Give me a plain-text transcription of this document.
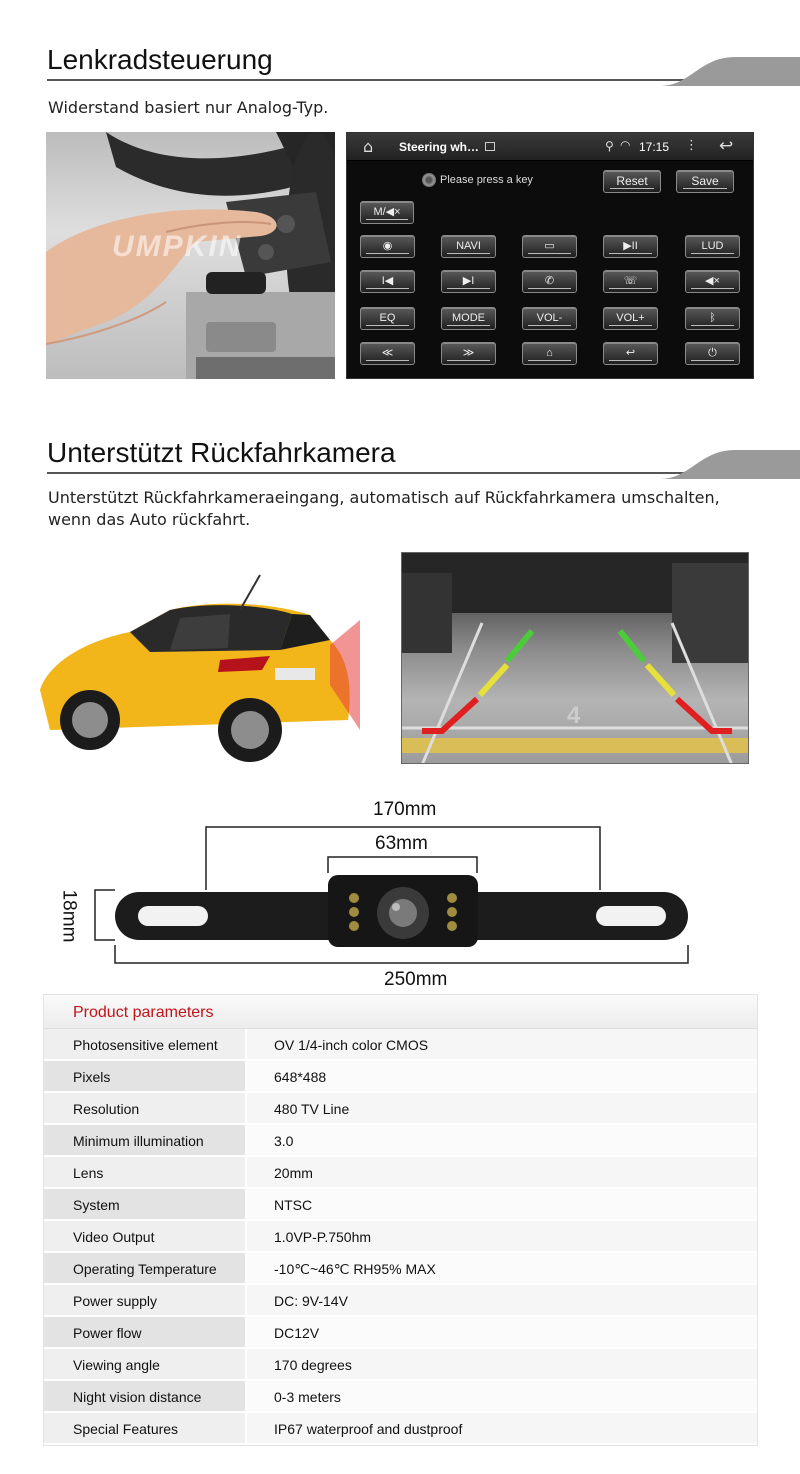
Lenkradsteuerung
Widerstand basiert nur Analog-Typ.
UMPKIN
⌂ Steering wh…	⚲ ◠ 17:15 ⋮ ↩
Please press a key	Reset	Save
M/◀×
◉	NAVI	▭	▶II	LUD
I◀	▶I	✆	☏	◀×
EQ	MODE	VOL-	VOL+	ᛒ
≪	≫	⌂	↩	⏻
Unterstützt Rückfahrkamera
Unterstützt Rückfahrkameraeingang, automatisch auf Rückfahrkamera umschalten,
wenn das Auto rückfahrt.
4
170mm
63mm
18mm
250mm
Product parameters
Photosensitive element	OV 1/4-inch color CMOS
Pixels	648*488
Resolution	480 TV Line
Minimum illumination	3.0
Lens	20mm
System	NTSC
Video Output	1.0VP-P.750hm
Operating Temperature	-10℃~46℃ RH95% MAX
Power supply	DC: 9V-14V
Power flow	DC12V
Viewing angle	170 degrees
Night vision distance	0-3 meters
Special Features	IP67 waterproof and dustproof
